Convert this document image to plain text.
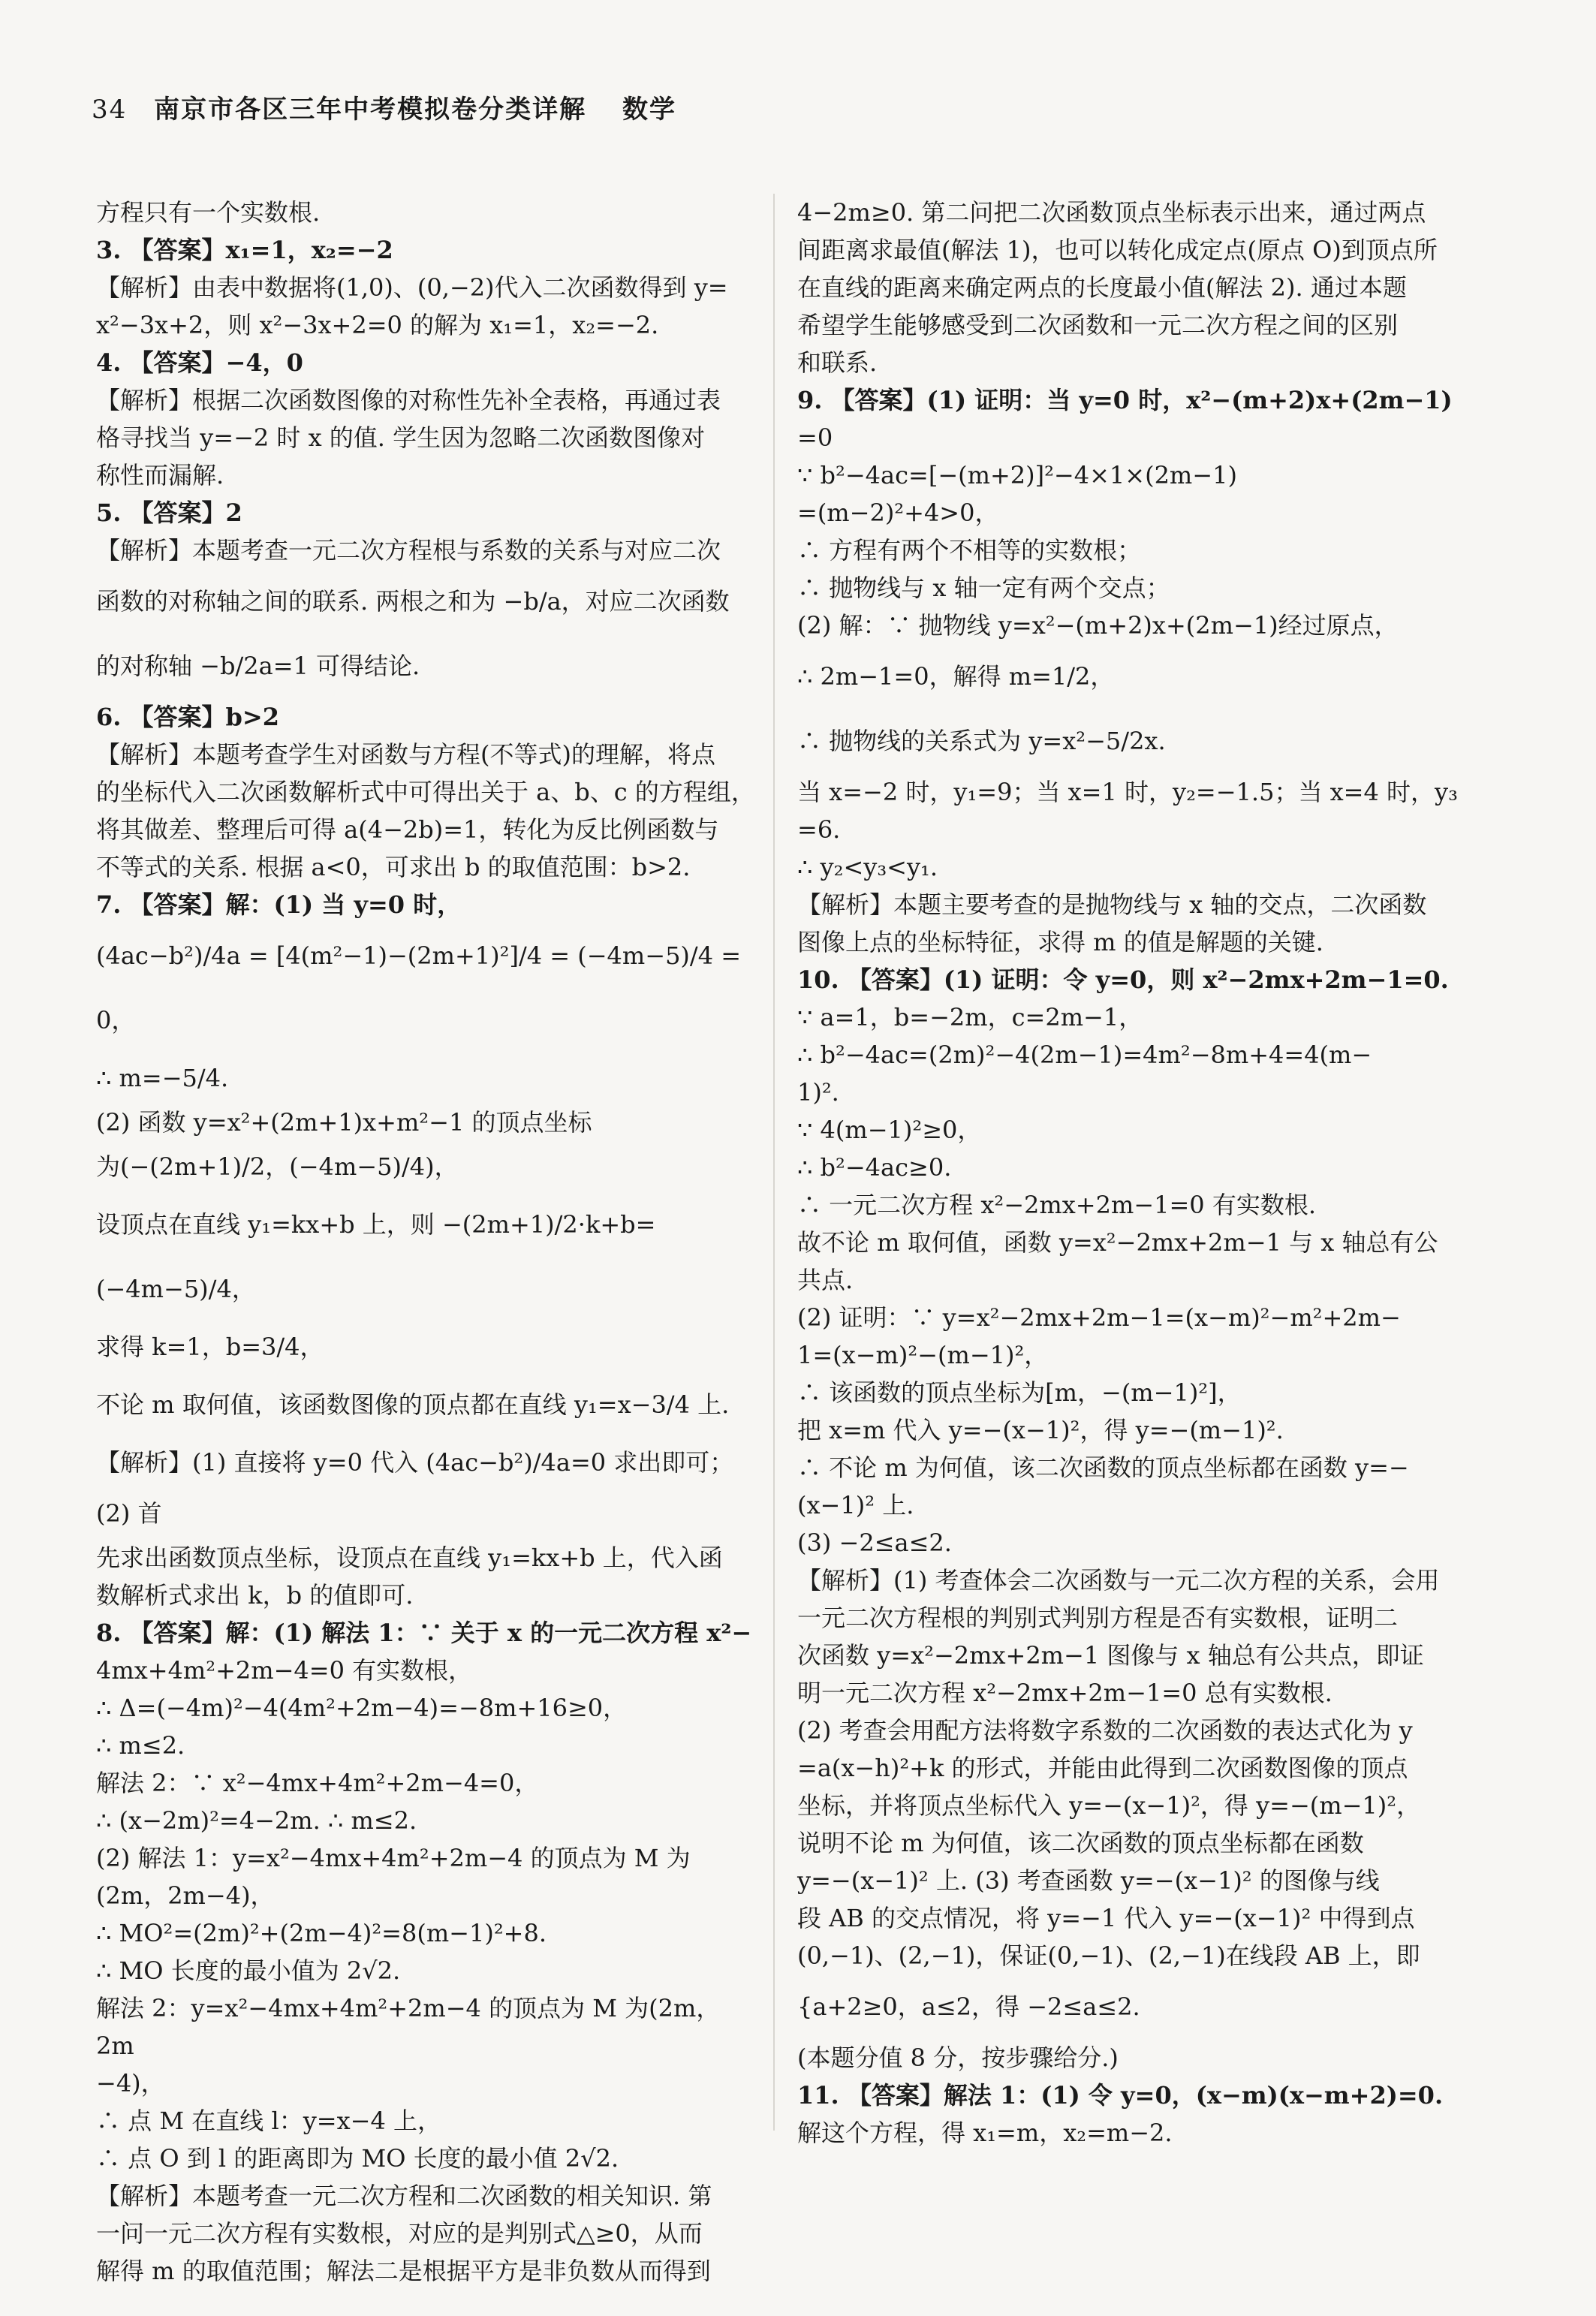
34 南京市各区三年中考模拟卷分类详解 数学

方程只有一个实数根.

3. 【答案】x₁=1，x₂=−2

【解析】由表中数据将(1,0)、(0,−2)代入二次函数得到 y=

x²−3x+2，则 x²−3x+2=0 的解为 x₁=1，x₂=−2.

4. 【答案】−4，0

【解析】根据二次函数图像的对称性先补全表格，再通过表

格寻找当 y=−2 时 x 的值. 学生因为忽略二次函数图像对

称性而漏解.

5. 【答案】2

【解析】本题考查一元二次方程根与系数的关系与对应二次

函数的对称轴之间的联系. 两根之和为 −b/a，对应二次函数

的对称轴 −b/2a=1 可得结论.

6. 【答案】b>2

【解析】本题考查学生对函数与方程(不等式)的理解，将点

的坐标代入二次函数解析式中可得出关于 a、b、c 的方程组，

将其做差、整理后可得 a(4−2b)=1，转化为反比例函数与

不等式的关系. 根据 a<0，可求出 b 的取值范围：b>2.

7. 【答案】解：(1) 当 y=0 时，

(4ac−b²)/4a = [4(m²−1)−(2m+1)²]/4 = (−4m−5)/4 = 0，

∴ m=−5/4.

(2) 函数 y=x²+(2m+1)x+m²−1 的顶点坐标

为(−(2m+1)/2，(−4m−5)/4)，

设顶点在直线 y₁=kx+b 上，则 −(2m+1)/2·k+b=(−4m−5)/4，

求得 k=1，b=3/4，

不论 m 取何值，该函数图像的顶点都在直线 y₁=x−3/4 上.

【解析】(1) 直接将 y=0 代入 (4ac−b²)/4a=0 求出即可；(2) 首

先求出函数顶点坐标，设顶点在直线 y₁=kx+b 上，代入函

数解析式求出 k，b 的值即可.

8. 【答案】解：(1) 解法 1：∵ 关于 x 的一元二次方程 x²−

4mx+4m²+2m−4=0 有实数根，

∴ Δ=(−4m)²−4(4m²+2m−4)=−8m+16≥0，

∴ m≤2.

解法 2：∵ x²−4mx+4m²+2m−4=0，

∴ (x−2m)²=4−2m. ∴ m≤2.

(2) 解法 1：y=x²−4mx+4m²+2m−4 的顶点为 M 为

(2m，2m−4)，

∴ MO²=(2m)²+(2m−4)²=8(m−1)²+8.

∴ MO 长度的最小值为 2√2.

解法 2：y=x²−4mx+4m²+2m−4 的顶点为 M 为(2m，2m

−4)，

∴ 点 M 在直线 l：y=x−4 上，

∴ 点 O 到 l 的距离即为 MO 长度的最小值 2√2.

【解析】本题考查一元二次方程和二次函数的相关知识. 第

一问一元二次方程有实数根，对应的是判别式△≥0，从而

解得 m 的取值范围；解法二是根据平方是非负数从而得到

4−2m≥0. 第二问把二次函数顶点坐标表示出来，通过两点

间距离求最值(解法 1)，也可以转化成定点(原点 O)到顶点所

在直线的距离来确定两点的长度最小值(解法 2). 通过本题

希望学生能够感受到二次函数和一元二次方程之间的区别

和联系.

9. 【答案】(1) 证明：当 y=0 时，x²−(m+2)x+(2m−1)

=0

∵ b²−4ac=[−(m+2)]²−4×1×(2m−1)

=(m−2)²+4>0，

∴ 方程有两个不相等的实数根；

∴ 抛物线与 x 轴一定有两个交点；

(2) 解：∵ 抛物线 y=x²−(m+2)x+(2m−1)经过原点，

∴ 2m−1=0，解得 m=1/2，

∴ 抛物线的关系式为 y=x²−5/2x.

当 x=−2 时，y₁=9；当 x=1 时，y₂=−1.5；当 x=4 时，y₃

=6.

∴ y₂<y₃<y₁.

【解析】本题主要考查的是抛物线与 x 轴的交点，二次函数

图像上点的坐标特征，求得 m 的值是解题的关键.

10. 【答案】(1) 证明：令 y=0，则 x²−2mx+2m−1=0.

∵ a=1，b=−2m，c=2m−1，

∴ b²−4ac=(2m)²−4(2m−1)=4m²−8m+4=4(m−

1)².

∵ 4(m−1)²≥0，

∴ b²−4ac≥0.

∴ 一元二次方程 x²−2mx+2m−1=0 有实数根.

故不论 m 取何值，函数 y=x²−2mx+2m−1 与 x 轴总有公

共点.

(2) 证明：∵ y=x²−2mx+2m−1=(x−m)²−m²+2m−

1=(x−m)²−(m−1)²，

∴ 该函数的顶点坐标为[m，−(m−1)²]，

把 x=m 代入 y=−(x−1)²，得 y=−(m−1)².

∴ 不论 m 为何值，该二次函数的顶点坐标都在函数 y=−

(x−1)² 上.

(3) −2≤a≤2.

【解析】(1) 考查体会二次函数与一元二次方程的关系，会用

一元二次方程根的判别式判别方程是否有实数根，证明二

次函数 y=x²−2mx+2m−1 图像与 x 轴总有公共点，即证

明一元二次方程 x²−2mx+2m−1=0 总有实数根.

(2) 考查会用配方法将数字系数的二次函数的表达式化为 y

=a(x−h)²+k 的形式，并能由此得到二次函数图像的顶点

坐标，并将顶点坐标代入 y=−(x−1)²，得 y=−(m−1)²，

说明不论 m 为何值，该二次函数的顶点坐标都在函数

y=−(x−1)² 上. (3) 考查函数 y=−(x−1)² 的图像与线

段 AB 的交点情况，将 y=−1 代入 y=−(x−1)² 中得到点

(0,−1)、(2,−1)，保证(0,−1)、(2,−1)在线段 AB 上，即

{a+2≥0，a≤2，得 −2≤a≤2.

(本题分值 8 分，按步骤给分.)

11. 【答案】解法 1：(1) 令 y=0，(x−m)(x−m+2)=0.

解这个方程，得 x₁=m，x₂=m−2.
